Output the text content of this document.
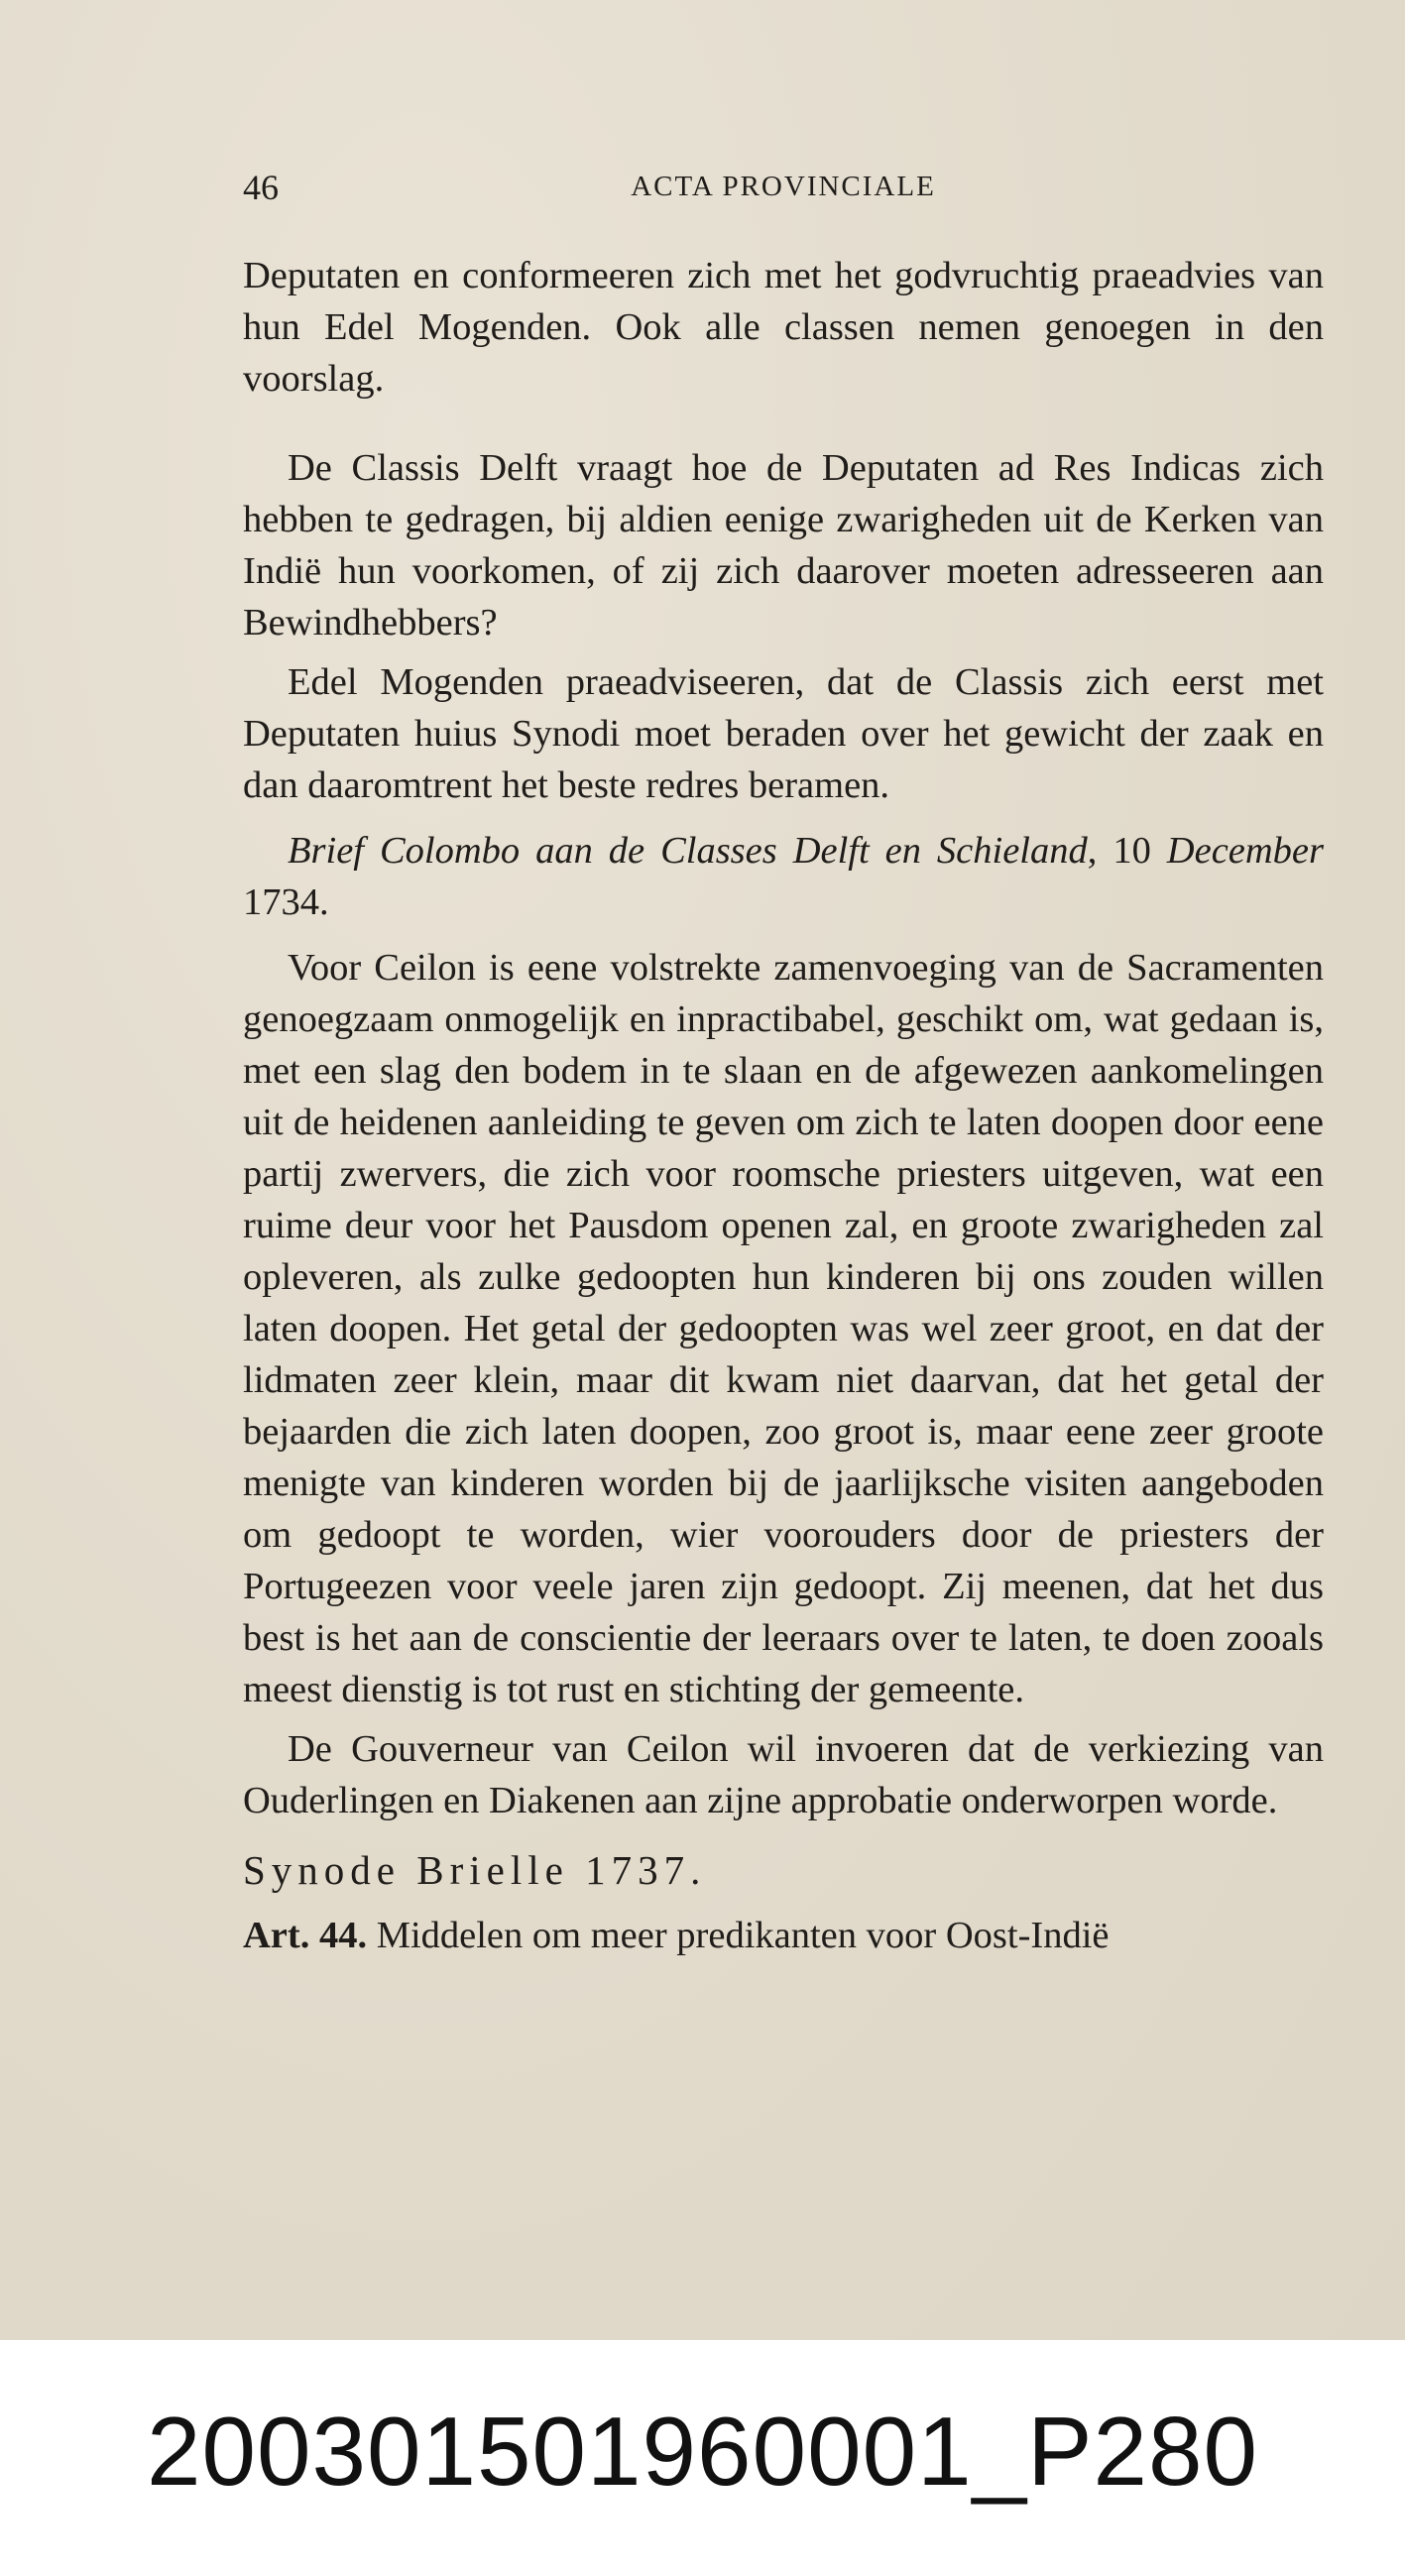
46	ACTA PROVINCIALE

Deputaten en conformeeren zich met het godvruchtig praeadvies van hun Edel Mogenden. Ook alle classen nemen genoegen in den voorslag.

De Classis Delft vraagt hoe de Deputaten ad Res Indicas zich hebben te gedragen, bij aldien eenige zwarigheden uit de Kerken van Indië hun voorkomen, of zij zich daarover moeten adresseeren aan Bewindhebbers?

Edel Mogenden praeadviseeren, dat de Classis zich eerst met Deputaten huius Synodi moet beraden over het gewicht der zaak en dan daaromtrent het beste redres beramen.

Brief Colombo aan de Classes Delft en Schieland, 10 December 1734.

Voor Ceilon is eene volstrekte zamenvoeging van de Sacramenten genoegzaam onmogelijk en inpractibabel, geschikt om, wat gedaan is, met een slag den bodem in te slaan en de afgewezen aankomelingen uit de heidenen aanleiding te geven om zich te laten doopen door eene partij zwervers, die zich voor roomsche priesters uitgeven, wat een ruime deur voor het Pausdom openen zal, en groote zwarigheden zal opleveren, als zulke gedoopten hun kinderen bij ons zouden willen laten doopen. Het getal der gedoopten was wel zeer groot, en dat der lidmaten zeer klein, maar dit kwam niet daarvan, dat het getal der bejaarden die zich laten doopen, zoo groot is, maar eene zeer groote menigte van kinderen worden bij de jaarlijksche visiten aangeboden om gedoopt te worden, wier voorouders door de priesters der Portugeezen voor veele jaren zijn gedoopt. Zij meenen, dat het dus best is het aan de conscientie der leeraars over te laten, te doen zooals meest dienstig is tot rust en stichting der gemeente.

De Gouverneur van Ceilon wil invoeren dat de verkiezing van Ouderlingen en Diakenen aan zijne approbatie onderworpen worde.

Synode Brielle 1737.

Art. 44. Middelen om meer predikanten voor Oost-Indië

20030150196000​1_P280
